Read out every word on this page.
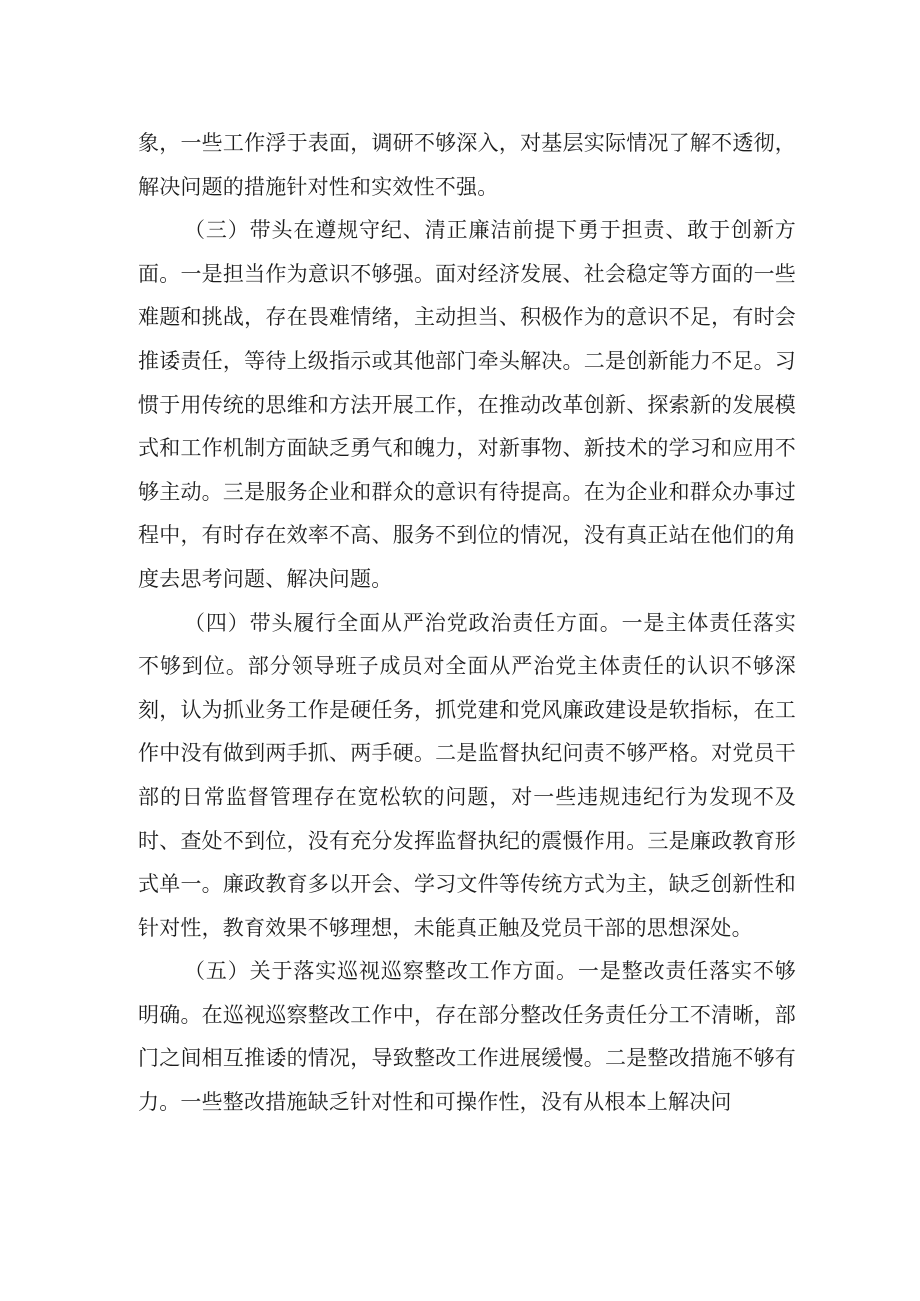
象，一些工作浮于表面，调研不够深入，对基层实际情况了解不透彻，解决问题的措施针对性和实效性不强。

（三）带头在遵规守纪、清正廉洁前提下勇于担责、敢于创新方面。一是担当作为意识不够强。面对经济发展、社会稳定等方面的一些难题和挑战，存在畏难情绪，主动担当、积极作为的意识不足，有时会推诿责任，等待上级指示或其他部门牵头解决。二是创新能力不足。习惯于用传统的思维和方法开展工作，在推动改革创新、探索新的发展模式和工作机制方面缺乏勇气和魄力，对新事物、新技术的学习和应用不够主动。三是服务企业和群众的意识有待提高。在为企业和群众办事过程中，有时存在效率不高、服务不到位的情况，没有真正站在他们的角度去思考问题、解决问题。

（四）带头履行全面从严治党政治责任方面。一是主体责任落实不够到位。部分领导班子成员对全面从严治党主体责任的认识不够深刻，认为抓业务工作是硬任务，抓党建和党风廉政建设是软指标，在工作中没有做到两手抓、两手硬。二是监督执纪问责不够严格。对党员干部的日常监督管理存在宽松软的问题，对一些违规违纪行为发现不及时、查处不到位，没有充分发挥监督执纪的震慑作用。三是廉政教育形式单一。廉政教育多以开会、学习文件等传统方式为主，缺乏创新性和针对性，教育效果不够理想，未能真正触及党员干部的思想深处。

（五）关于落实巡视巡察整改工作方面。一是整改责任落实不够明确。在巡视巡察整改工作中，存在部分整改任务责任分工不清晰，部门之间相互推诿的情况，导致整改工作进展缓慢。二是整改措施不够有力。一些整改措施缺乏针对性和可操作性，没有从根本上解决问
